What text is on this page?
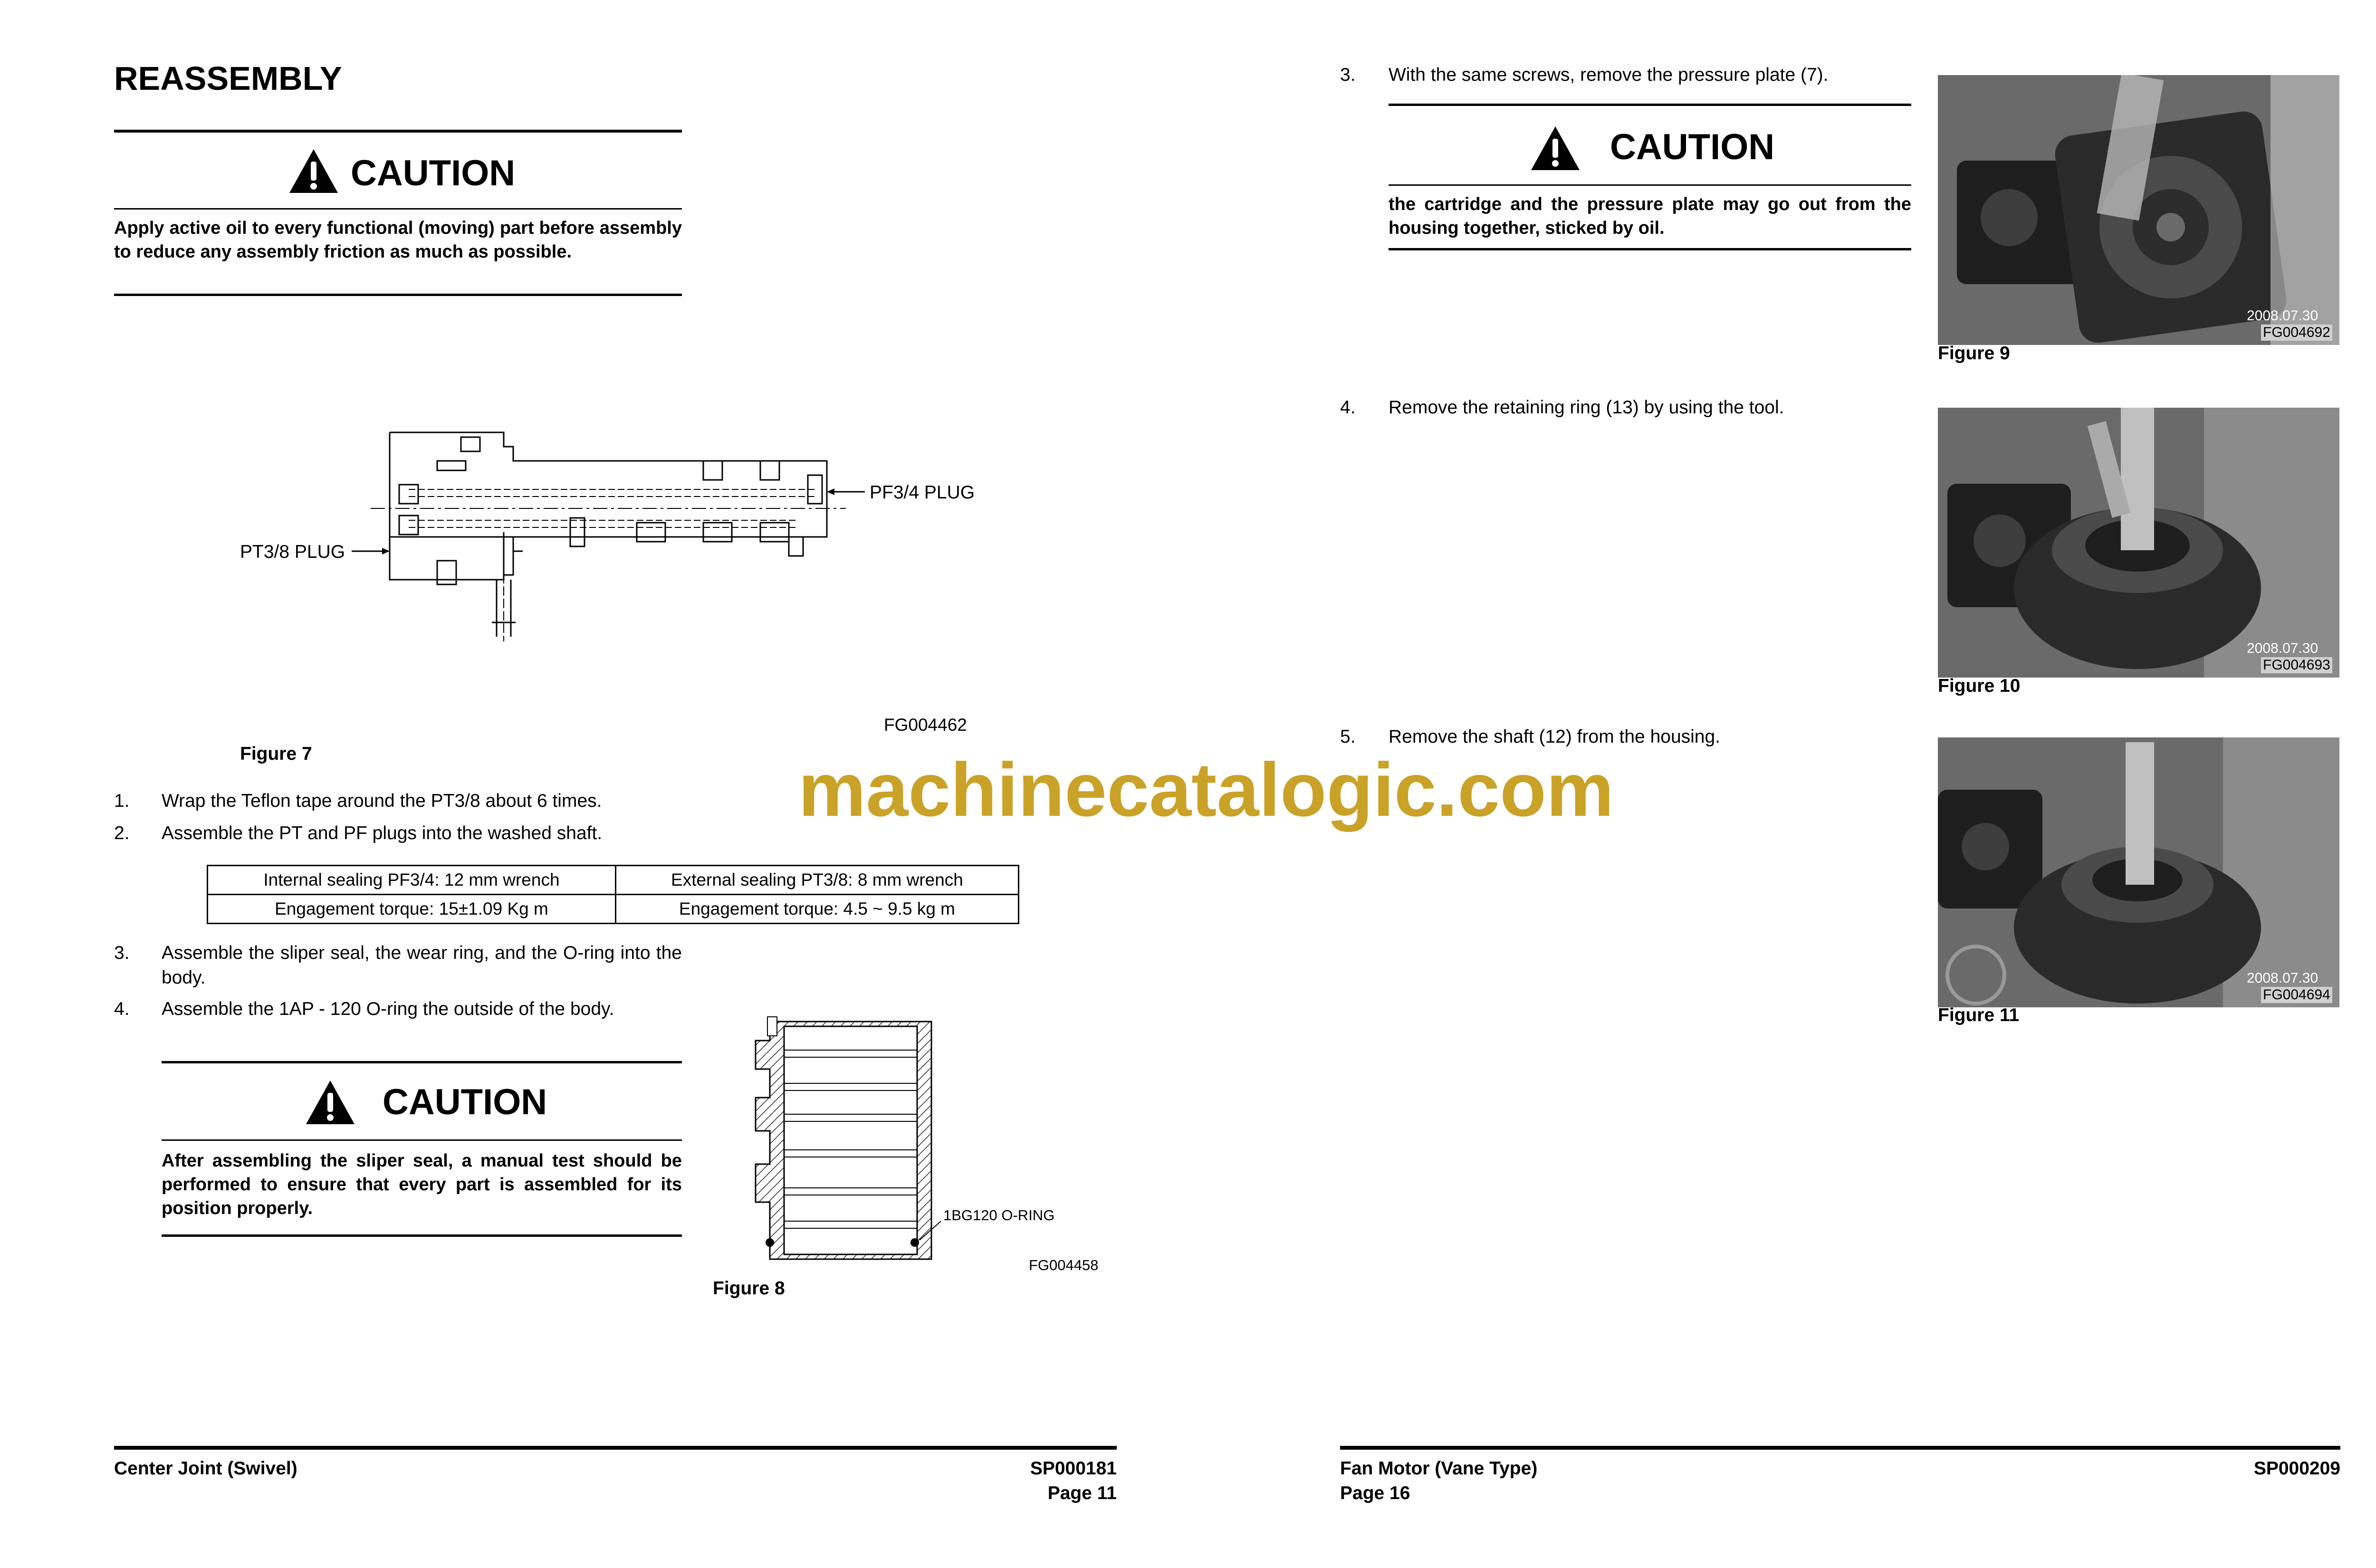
REASSEMBLY
CAUTION
Apply active oil to every functional (moving) part before assembly to reduce any assembly friction as much as possible.
PF3/4 PLUG
PT3/8 PLUG
FG004462
Figure 7
1. Wrap the Teflon tape around the PT3/8 about 6 times.
2. Assemble the PT and PF plugs into the washed shaft.
Internal sealing PF3/4: 12 mm wrench	External sealing PT3/8: 8 mm wrench
Engagement torque: 15±1.09 Kg m	Engagement torque: 4.5 ~ 9.5 kg m
3. Assemble the sliper seal, the wear ring, and the O-ring into the body.
4. Assemble the 1AP - 120 O-ring the outside of the body.
CAUTION
After assembling the sliper seal, a manual test should be performed to ensure that every part is assembled for its position properly.	1BG120 O-RING
FG004458
Figure 8
Center Joint (Swivel)	SP000181
Page 11
3. With the same screws, remove the pressure plate (7).
CAUTION
the cartridge and the pressure plate may go out from the housing together, sticked by oil.
4. Remove the retaining ring (13) by using the tool.
5. Remove the shaft (12) from the housing.
2008.07.30
FG004692
Figure 9
2008.07.30
FG004693
Figure 10
2008.07.30
FG004694
Figure 11
Fan Motor (Vane Type)
Page 16
SP000209
machinecatalogic.com
